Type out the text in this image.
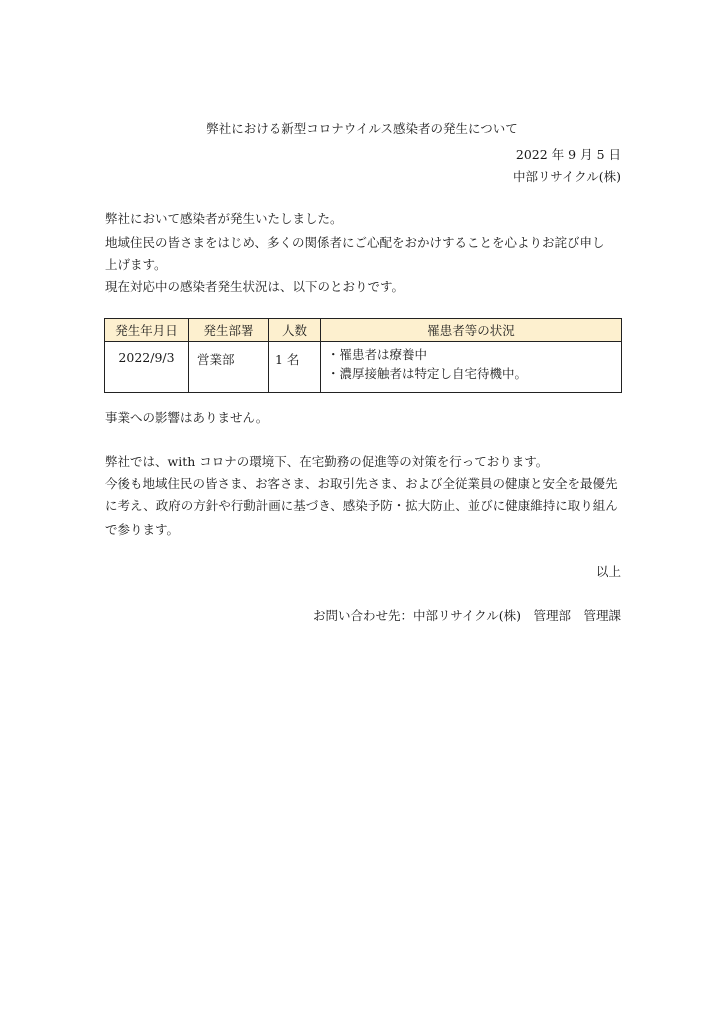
弊社における新型コロナウイルス感染者の発生について
2022 年 9 月 5 日
中部リサイクル(株)
弊社において感染者が発生いたしました。
地域住民の皆さまをはじめ、多くの関係者にご心配をおかけすることを心よりお詫び申し
上げます。
現在対応中の感染者発生状況は、以下のとおりです。
発生年月日	発生部署	人数	罹患者等の状況
2022/9/3	営業部	1 名	・罹患者は療養中
・濃厚接触者は特定し自宅待機中。
事業への影響はありません。
弊社では、with コロナの環境下、在宅勤務の促進等の対策を行っております。
今後も地域住民の皆さま、お客さま、お取引先さま、および全従業員の健康と安全を最優先
に考え、政府の方針や行動計画に基づき、感染予防・拡大防止、並びに健康維持に取り組ん
で参ります。
以上
お問い合わせ先：中部リサイクル(株)　管理部　管理課
